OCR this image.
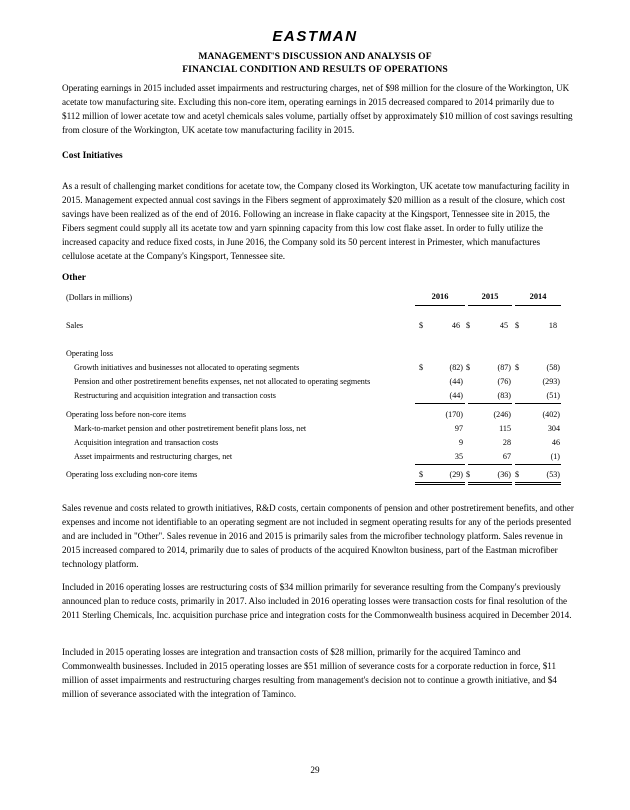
EASTMAN
MANAGEMENT'S DISCUSSION AND ANALYSIS OF
FINANCIAL CONDITION AND RESULTS OF OPERATIONS
Operating earnings in 2015 included asset impairments and restructuring charges, net of $98 million for the closure of the Workington, UK acetate tow manufacturing site. Excluding this non-core item, operating earnings in 2015 decreased compared to 2014 primarily due to $112 million of lower acetate tow and acetyl chemicals sales volume, partially offset by approximately $10 million of cost savings resulting from closure of the Workington, UK acetate tow manufacturing facility in 2015.
Cost Initiatives
As a result of challenging market conditions for acetate tow, the Company closed its Workington, UK acetate tow manufacturing facility in 2015. Management expected annual cost savings in the Fibers segment of approximately $20 million as a result of the closure, which cost savings have been realized as of the end of 2016. Following an increase in flake capacity at the Kingsport, Tennessee site in 2015, the Fibers segment could supply all its acetate tow and yarn spinning capacity from this low cost flake asset. In order to fully utilize the increased capacity and reduce fixed costs, in June 2016, the Company sold its 50 percent interest in Primester, which manufactures cellulose acetate at the Company's Kingsport, Tennessee site.
Other
(Dollars in millions)	2016	2015	2014
Sales	$	46 $	45 $	18
Operating loss
Growth initiatives and businesses not allocated to operating segments	$	(82) $	(87) $	(58)
Pension and other postretirement benefits expenses, net not allocated to operating segments	(44)	(76)	(293)
Restructuring and acquisition integration and transaction costs	(44)	(83)	(51)
Operating loss before non-core items	(170)	(246)	(402)
Mark-to-market pension and other postretirement benefit plans loss, net	97	115	304
Acquisition integration and transaction costs	9	28	46
Asset impairments and restructuring charges, net	35	67	(1)
Operating loss excluding non-core items	$	(29) $	(36) $	(53)
Sales revenue and costs related to growth initiatives, R&D costs, certain components of pension and other postretirement benefits, and other expenses and income not identifiable to an operating segment are not included in segment operating results for any of the periods presented and are included in "Other". Sales revenue in 2016 and 2015 is primarily sales from the microfiber technology platform. Sales revenue in 2015 increased compared to 2014, primarily due to sales of products of the acquired Knowlton business, part of the Eastman microfiber technology platform.
Included in 2016 operating losses are restructuring costs of $34 million primarily for severance resulting from the Company's previously announced plan to reduce costs, primarily in 2017. Also included in 2016 operating losses were transaction costs for final resolution of the 2011 Sterling Chemicals, Inc. acquisition purchase price and integration costs for the Commonwealth business acquired in December 2014.
Included in 2015 operating losses are integration and transaction costs of $28 million, primarily for the acquired Taminco and Commonwealth businesses. Included in 2015 operating losses are $51 million of severance costs for a corporate reduction in force, $11 million of asset impairments and restructuring charges resulting from management's decision not to continue a growth initiative, and $4 million of severance associated with the integration of Taminco.
29
